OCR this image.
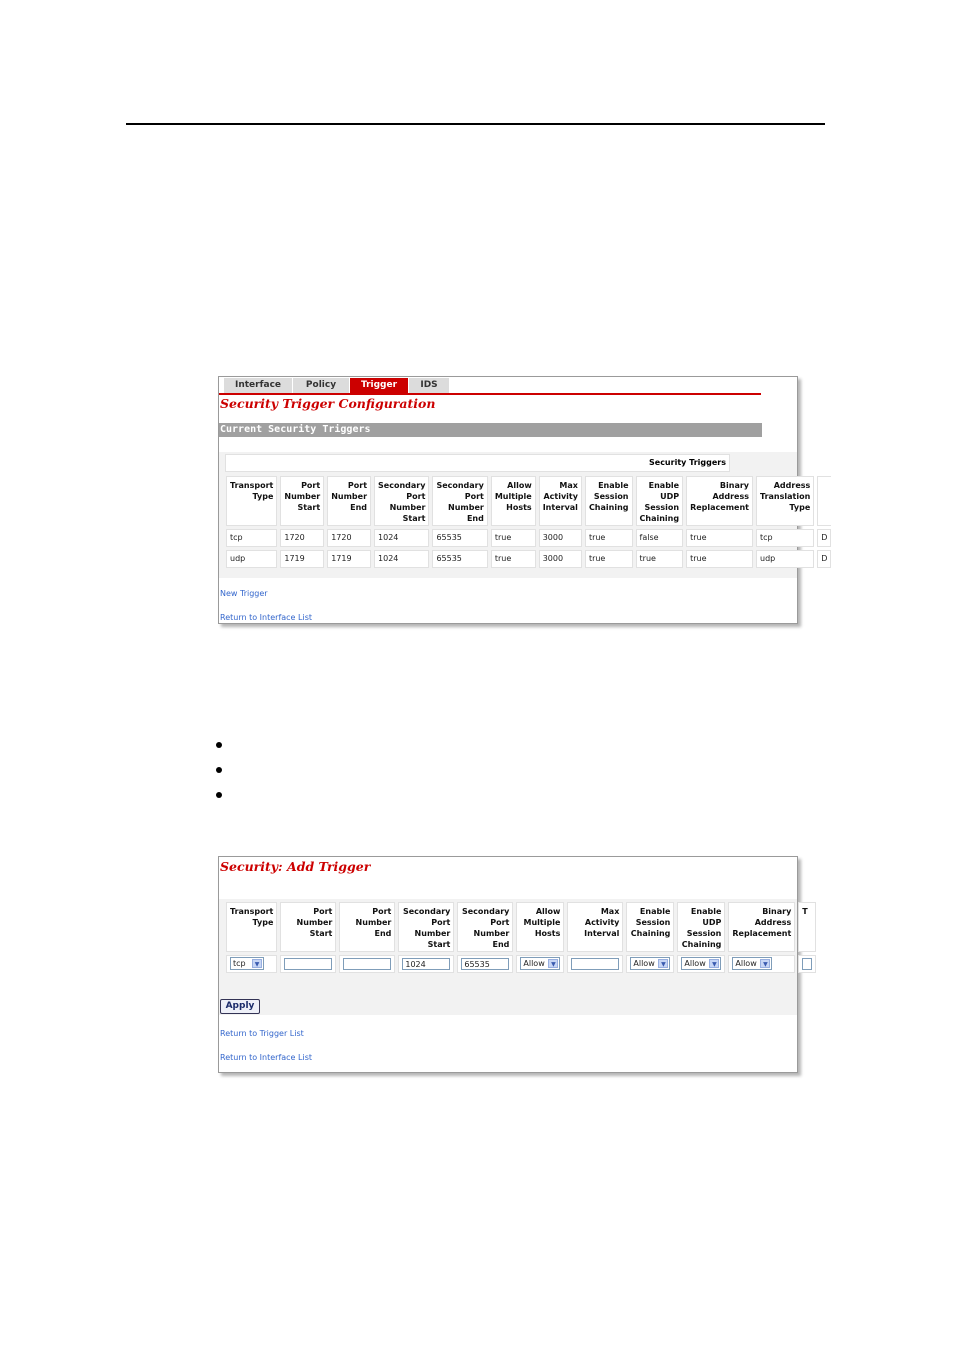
Interface	Policy	Trigger	IDS
Security Trigger Configuration
Current Security Triggers
Security Triggers
Transport
Type	Port
Number
Start	Port
Number
End	Secondary
Port
Number
Start	Secondary
Port
Number
End	Allow
Multiple
Hosts	Max
Activity
Interval	Enable
Session
Chaining	Enable
UDP
Session
Chaining	Binary
Address
Replacement	Address
Translation
Type	
tcp	1720	1720	1024	65535	true	3000	true	false	true	tcp	D
udp	1719	1719	1024	65535	true	3000	true	true	true	udp	D
New Trigger
Return to Interface List
Security: Add Trigger
Transport
Type	Port
Number
Start	Port
Number
End	Secondary
Port
Number
Start	Secondary
Port
Number
End	Allow
Multiple
Hosts	Max
Activity
Interval	Enable
Session
Chaining	Enable
UDP
Session
Chaining	Binary
Address
Replacement	T
tcp ▼			1024	65535	Allow ▼		Allow ▼	Allow ▼	Allow ▼	

Apply
Return to Trigger List
Return to Interface List
